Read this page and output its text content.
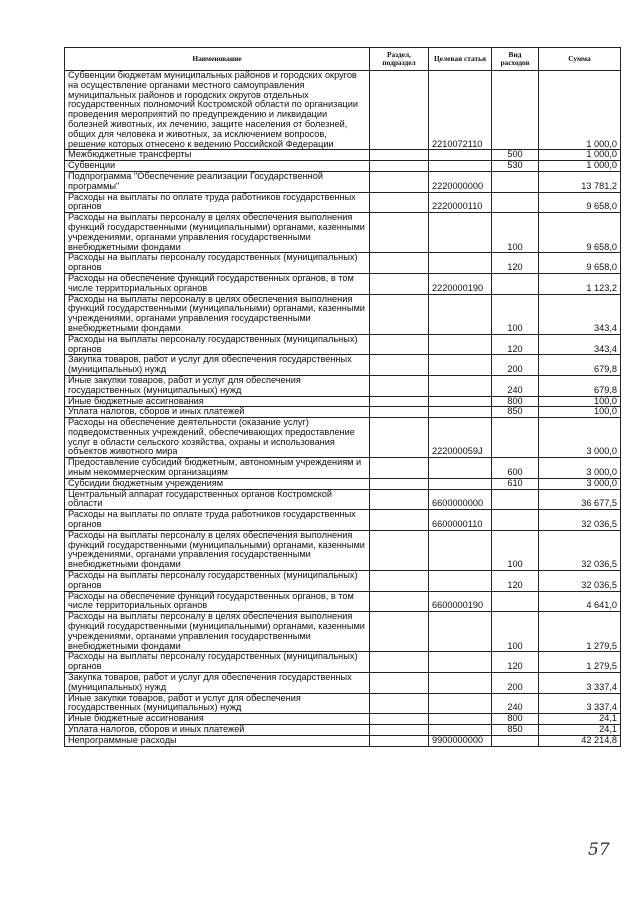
Наименование	Раздел, подраздел	Целевая статья	Вид расходов	Сумма
Субвенции бюджетам муниципальных районов и городских округов на осуществление органами местного самоуправления муниципальных районов и городских округов отдельных государственных полномочий Костромской области по организации проведения мероприятий по предупреждению и ликвидации болезней животных, их лечению, защите населения от болезней, общих для человека и животных, за исключением вопросов, решение которых отнесено к ведению Российской Федерации		2210072110		1 000,0
Межбюджетные трансферты			500	1 000,0
Субвенции			530	1 000,0
Подпрограмма "Обеспечение реализации Государственной программы"		2220000000		13 781,2
Расходы на выплаты по оплате труда работников государственных органов		2220000110		9 658,0
Расходы на выплаты персоналу в целях обеспечения выполнения функций государственными (муниципальными) органами, казенными учреждениями, органами управления государственными внебюджетными фондами			100	9 658,0
Расходы на выплаты персоналу государственных (муниципальных) органов			120	9 658,0
Расходы на обеспечение функций государственных органов, в том числе территориальных органов		2220000190		1 123,2
Расходы на выплаты персоналу в целях обеспечения выполнения функций государственными (муниципальными) органами, казенными учреждениями, органами управления государственными внебюджетными фондами			100	343,4
Расходы на выплаты персоналу государственных (муниципальных) органов			120	343,4
Закупка товаров, работ и услуг для обеспечения государственных (муниципальных) нужд			200	679,8
Иные закупки товаров, работ и услуг для обеспечения государственных (муниципальных) нужд			240	679,8
Иные бюджетные ассигнования			800	100,0
Уплата налогов, сборов и иных платежей			850	100,0
Расходы на обеспечение деятельности (оказание услуг) подведомственных учреждений, обеспечивающих предоставление услуг в области сельского хозяйства, охраны и использования объектов животного мира		222000059J		3 000,0
Предоставление субсидий бюджетным, автономным учреждениям и иным некоммерческим организациям			600	3 000,0
Субсидии бюджетным учреждениям			610	3 000,0
Центральный аппарат государственных органов Костромской области		6600000000		36 677,5
Расходы на выплаты по оплате труда работников государственных органов		6600000110		32 036,5
Расходы на выплаты персоналу в целях обеспечения выполнения функций государственными (муниципальными) органами, казенными учреждениями, органами управления государственными внебюджетными фондами			100	32 036,5
Расходы на выплаты персоналу государственных (муниципальных) органов			120	32 036,5
Расходы на обеспечение функций государственных органов, в том числе территориальных органов		6600000190		4 641,0
Расходы на выплаты персоналу в целях обеспечения выполнения функций государственными (муниципальными) органами, казенными учреждениями, органами управления государственными внебюджетными фондами			100	1 279,5
Расходы на выплаты персоналу государственных (муниципальных) органов			120	1 279,5
Закупка товаров, работ и услуг для обеспечения государственных (муниципальных) нужд			200	3 337,4
Иные закупки товаров, работ и услуг для обеспечения государственных (муниципальных) нужд			240	3 337,4
Иные бюджетные ассигнования			800	24,1
Уплата налогов, сборов и иных платежей			850	24,1
Непрограммные расходы		9900000000		42 214,8
57
